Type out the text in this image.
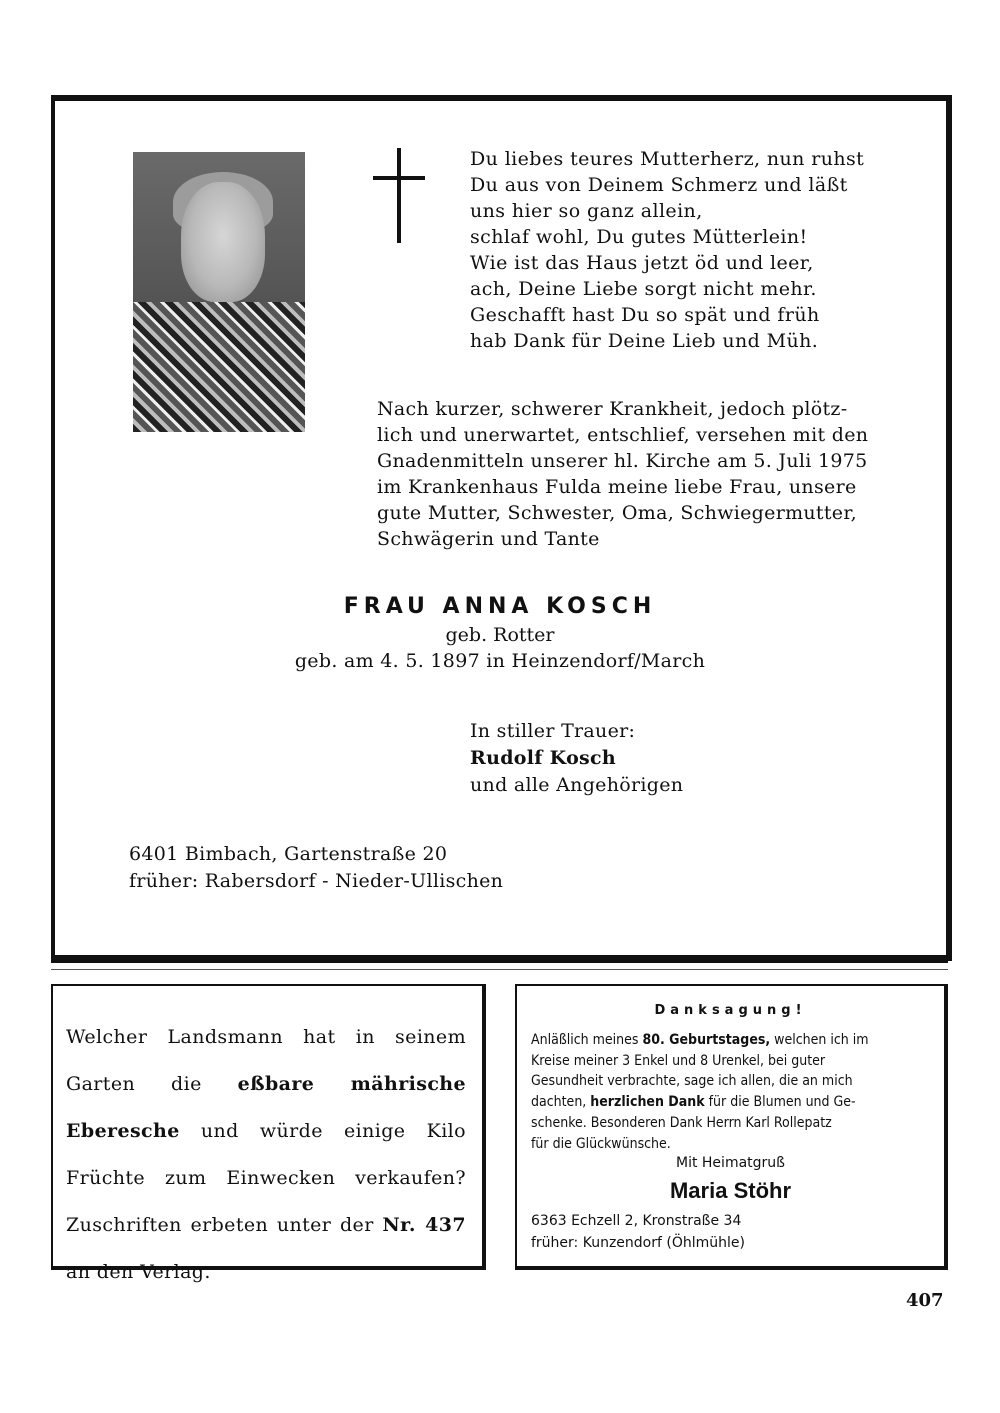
Du liebes teures Mutterherz, nun ruhst
Du aus von Deinem Schmerz und läßt
uns hier so ganz allein,
schlaf wohl, Du gutes Mütterlein!
Wie ist das Haus jetzt öd und leer,
ach, Deine Liebe sorgt nicht mehr.
Geschafft hast Du so spät und früh
hab Dank für Deine Lieb und Müh.
Nach kurzer, schwerer Krankheit, jedoch plötz-
lich und unerwartet, entschlief, versehen mit den
Gnadenmitteln unserer hl. Kirche am 5. Juli 1975
im Krankenhaus Fulda meine liebe Frau, unsere
gute Mutter, Schwester, Oma, Schwiegermutter,
Schwägerin und Tante
FRAU ANNA KOSCH
geb. Rotter
geb. am 4. 5. 1897 in Heinzendorf/March
In stiller Trauer:
Rudolf Kosch
und alle Angehörigen
6401 Bimbach, Gartenstraße 20
früher: Rabersdorf - Nieder-Ullischen
Welcher Landsmann hat in seinem Garten die eßbare mährische Eberesche und würde einige Kilo Früchte zum Einwecken verkaufen? Zuschriften erbeten unter der Nr. 437 an den Verlag.
Danksagung!
Anläßlich meines 80. Geburtstages, welchen ich im
Kreise meiner 3 Enkel und 8 Urenkel, bei guter
Gesundheit verbrachte, sage ich allen, die an mich
dachten, herzlichen Dank für die Blumen und Ge-
schenke. Besonderen Dank Herrn Karl Rollepatz
für die Glückwünsche.
Mit Heimatgruß
Maria Stöhr
6363 Echzell 2, Kronstraße 34
früher: Kunzendorf (Öhlmühle)
407
